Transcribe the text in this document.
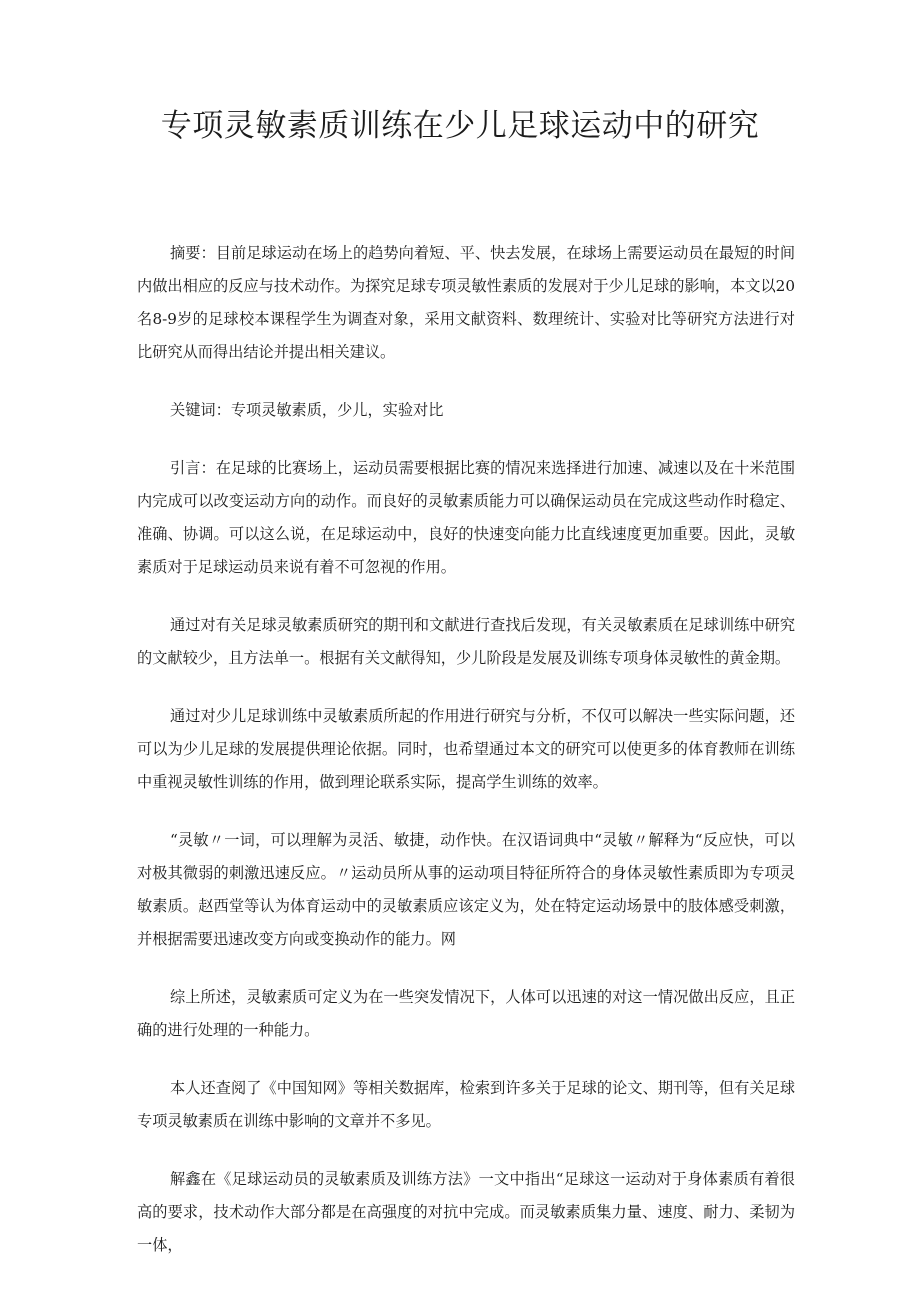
专项灵敏素质训练在少儿足球运动中的研究

摘要：目前足球运动在场上的趋势向着短、平、快去发展，在球场上需要运动员在最短的时间内做出相应的反应与技术动作。为探究足球专项灵敏性素质的发展对于少儿足球的影响，本文以20名8-9岁的足球校本课程学生为调查对象，采用文献资料、数理统计、实验对比等研究方法进行对比研究从而得出结论并提出相关建议。

关键词：专项灵敏素质，少儿，实验对比

引言：在足球的比赛场上，运动员需要根据比赛的情况来选择进行加速、减速以及在十米范围内完成可以改变运动方向的动作。而良好的灵敏素质能力可以确保运动员在完成这些动作时稳定、准确、协调。可以这么说，在足球运动中，良好的快速变向能力比直线速度更加重要。因此，灵敏素质对于足球运动员来说有着不可忽视的作用。

通过对有关足球灵敏素质研究的期刊和文献进行查找后发现，有关灵敏素质在足球训练中研究的文献较少，且方法单一。根据有关文献得知，少儿阶段是发展及训练专项身体灵敏性的黄金期。

通过对少儿足球训练中灵敏素质所起的作用进行研究与分析，不仅可以解决一些实际问题，还可以为少儿足球的发展提供理论依据。同时，也希望通过本文的研究可以使更多的体育教师在训练中重视灵敏性训练的作用，做到理论联系实际，提高学生训练的效率。

“灵敏〃一词，可以理解为灵活、敏捷，动作快。在汉语词典中“灵敏〃解释为“反应快，可以对极其微弱的刺激迅速反应。〃运动员所从事的运动项目特征所符合的身体灵敏性素质即为专项灵敏素质。赵西堂等认为体育运动中的灵敏素质应该定义为，处在特定运动场景中的肢体感受刺激，并根据需要迅速改变方向或变换动作的能力。网

综上所述，灵敏素质可定义为在一些突发情况下，人体可以迅速的对这一情况做出反应，且正确的进行处理的一种能力。

本人还查阅了《中国知网》等相关数据库，检索到许多关于足球的论文、期刊等，但有关足球专项灵敏素质在训练中影响的文章并不多见。

解鑫在《足球运动员的灵敏素质及训练方法》一文中指出“足球这一运动对于身体素质有着很高的要求，技术动作大部分都是在高强度的对抗中完成。而灵敏素质集力量、速度、耐力、柔韧为一体，
